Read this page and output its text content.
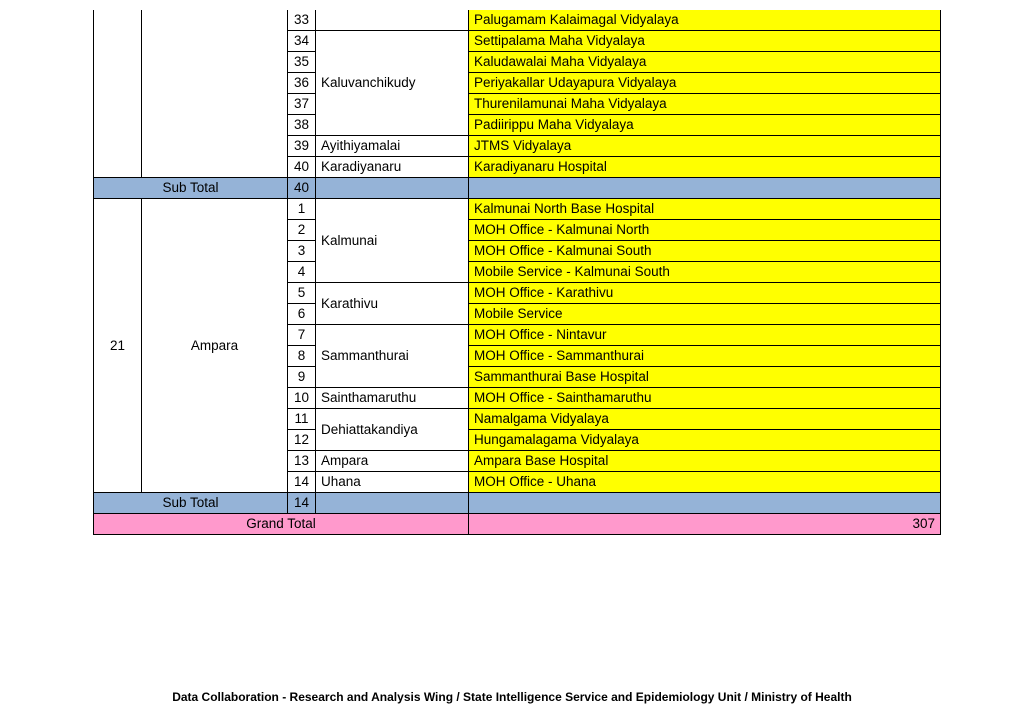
		33		Palugamam Kalaimagal Vidyalaya
		34	Kaluvanchikudy	Settipalama Maha Vidyalaya
		35		Kaludawalai Maha Vidyalaya
		36		Periyakallar Udayapura Vidyalaya
		37		Thurenilamunai Maha Vidyalaya
		38		Padiirippu Maha Vidyalaya
		39	Ayithiyamalai	JTMS Vidyalaya
		40	Karadiyanaru	Karadiyanaru Hospital
Sub Total		40		
21	Ampara	1	Kalmunai	Kalmunai North Base Hospital
		2		MOH Office - Kalmunai North
		3		MOH Office - Kalmunai South
		4		Mobile Service - Kalmunai South
		5	Karathivu	MOH Office - Karathivu
		6		Mobile Service
		7	Sammanthurai	MOH Office - Nintavur
		8		MOH Office - Sammanthurai
		9		Sammanthurai Base Hospital
		10	Sainthamaruthu	MOH Office - Sainthamaruthu
		11	Dehiattakandiya	Namalgama Vidyalaya
		12		Hungamalagama Vidyalaya
		13	Ampara	Ampara Base Hospital
		14	Uhana	MOH Office - Uhana
Sub Total		14		
Grand Total				307
Data Collaboration - Research and Analysis Wing / State Intelligence Service and Epidemiology Unit / Ministry of Health
